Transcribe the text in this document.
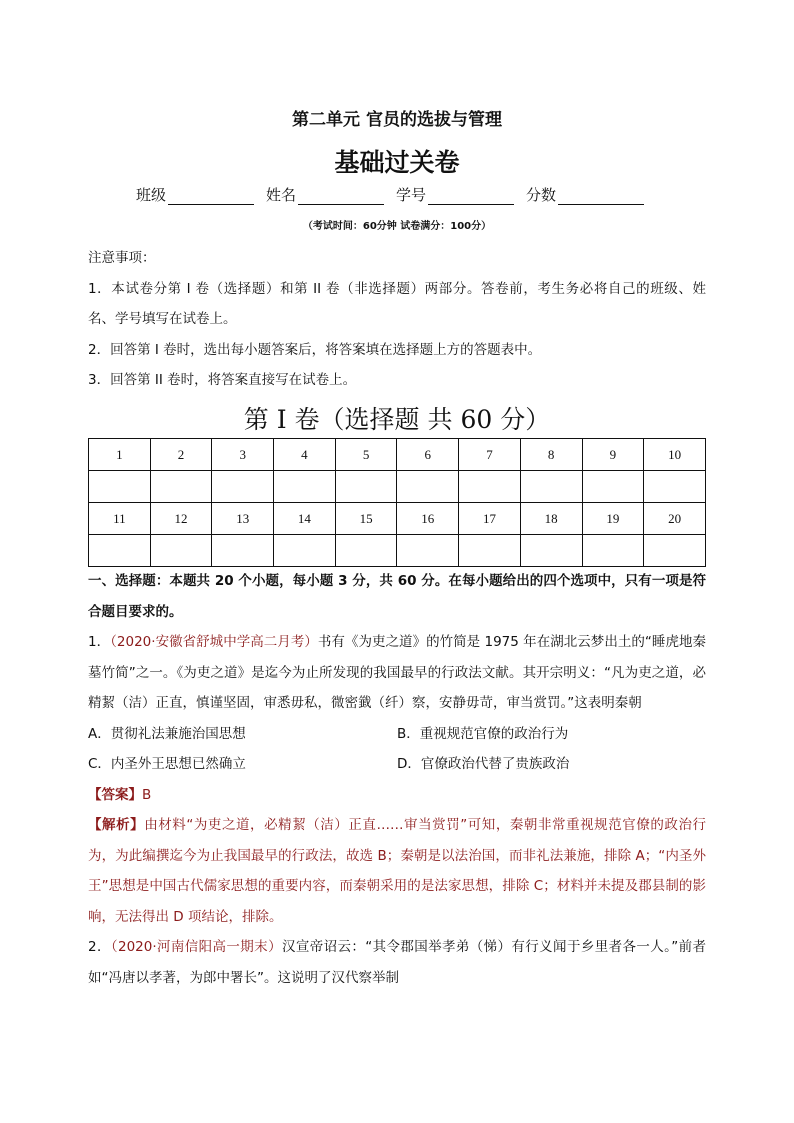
第二单元 官员的选拔与管理
基础过关卷
班级	姓名	学号	分数
（考试时间：60分钟 试卷满分：100分）

注意事项：

1．本试卷分第 I 卷（选择题）和第 II 卷（非选择题）两部分。答卷前，考生务必将自己的班级、姓名、学号填写在试卷上。

2．回答第 I 卷时，选出每小题答案后，将答案填在选择题上方的答题表中。

3．回答第 II 卷时，将答案直接写在试卷上。

第 I 卷（选择题 共 60 分）
1	2	3	4	5	6	7	8	9	10

11	12	13	14	15	16	17	18	19	20

一、选择题：本题共 20 个小题，每小题 3 分，共 60 分。在每小题给出的四个选项中，只有一项是符合题目要求的。

1．（2020·安徽省舒城中学高二月考）书有《为吏之道》的竹简是 1975 年在湖北云梦出土的“睡虎地秦墓竹简”之一。《为吏之道》是迄今为止所发现的我国最早的行政法文献。其开宗明义：“凡为吏之道，必精絜（洁）正直，慎谨坚固，审悉毋私，微密韱（纤）察，安静毋苛，审当赏罚。”这表明秦朝

A．贯彻礼法兼施治国思想	B．重视规范官僚的政治行为
C．内圣外王思想已然确立	D．官僚政治代替了贵族政治

【答案】B

【解析】由材料“为吏之道，必精絜（洁）正直……审当赏罚”可知，秦朝非常重视规范官僚的政治行为，为此编撰迄今为止我国最早的行政法，故选 B；秦朝是以法治国，而非礼法兼施，排除 A；“内圣外王”思想是中国古代儒家思想的重要内容，而秦朝采用的是法家思想，排除 C；材料并未提及郡县制的影响，无法得出 D 项结论，排除。

2．（2020·河南信阳高一期末）汉宣帝诏云：“其令郡国举孝弟（悌）有行义闻于乡里者各一人。”前者如“冯唐以孝著，为郎中署长”。这说明了汉代察举制
